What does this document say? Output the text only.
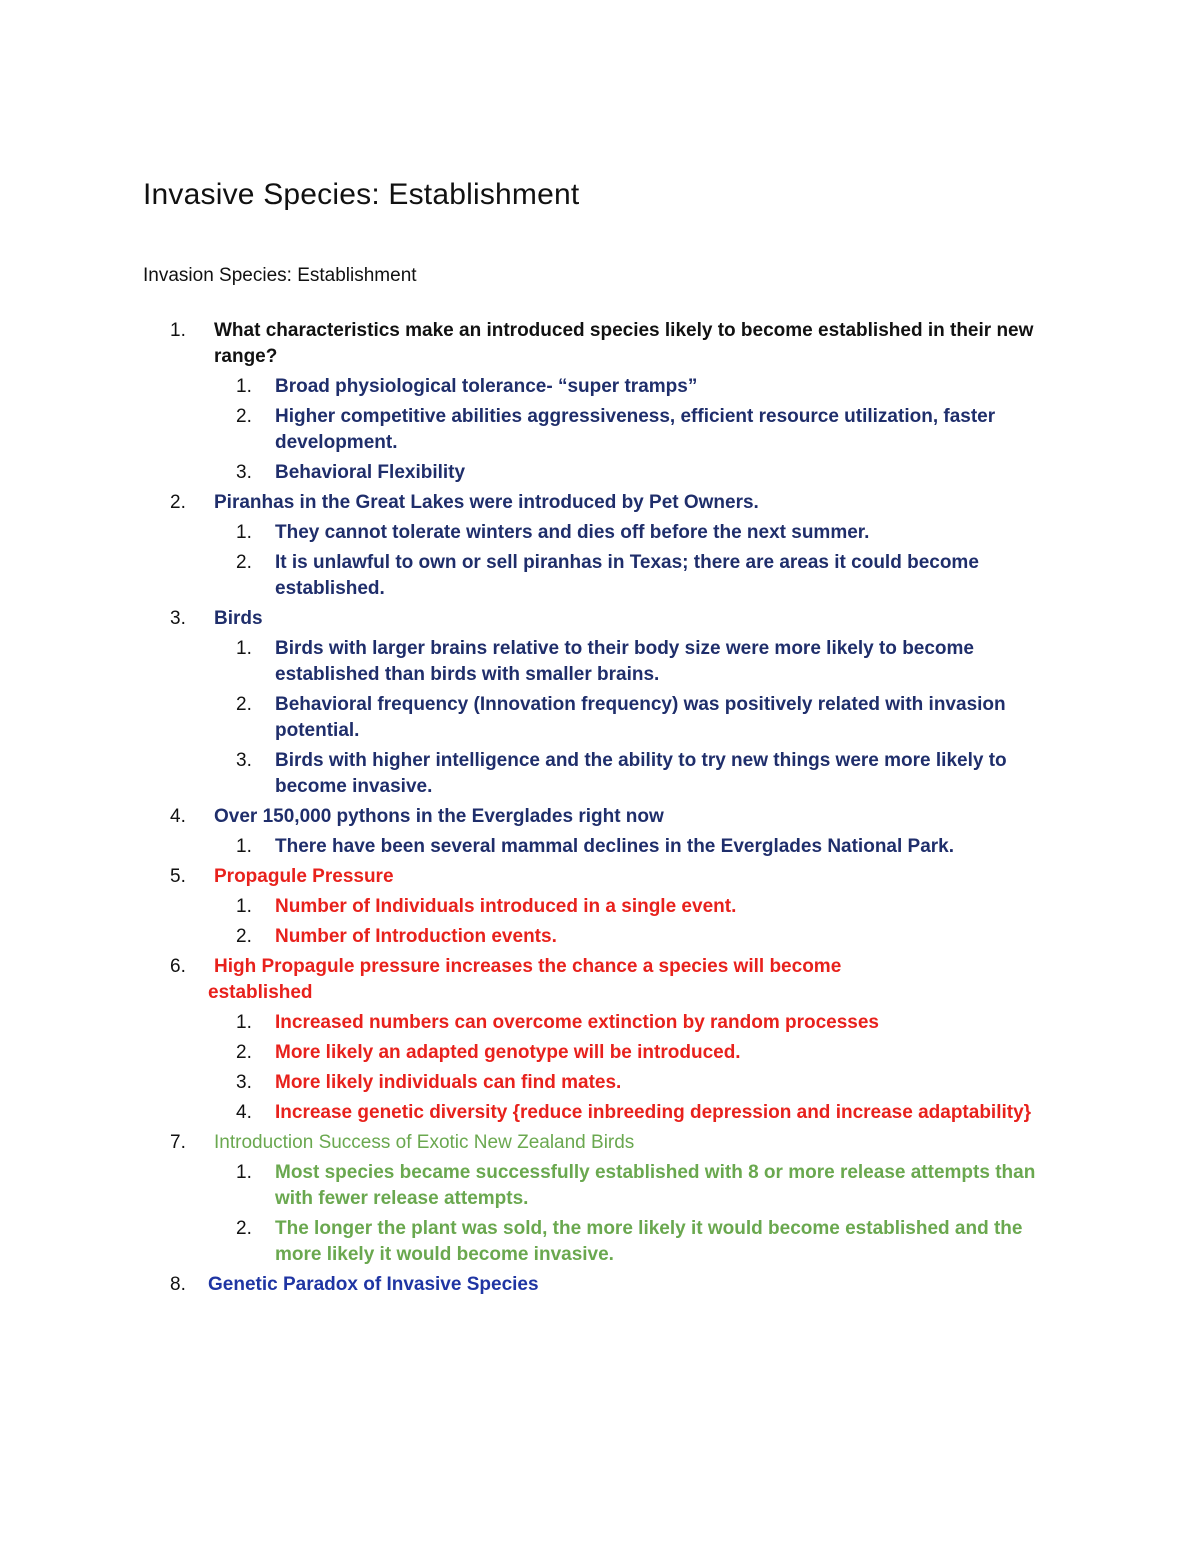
Invasive Species: Establishment
Invasion Species: Establishment
1.	What characteristics make an introduced species likely to become established in their new range?
1. Broad physiological tolerance- “super tramps”
2. Higher competitive abilities aggressiveness, efficient resource utilization, faster development.
3. Behavioral Flexibility
2.	Piranhas in the Great Lakes were introduced by Pet Owners.
1. They cannot tolerate winters and dies off before the next summer.
2. It is unlawful to own or sell piranhas in Texas; there are areas it could become established.
3.	Birds
1. Birds with larger brains relative to their body size were more likely to become established than birds with smaller brains.
2. Behavioral frequency (Innovation frequency) was positively related with invasion potential.
3. Birds with higher intelligence and the ability to try new things were more likely to become invasive.
4.	Over 150,000 pythons in the Everglades right now
1. There have been several mammal declines in the Everglades National Park.
5.	Propagule Pressure
1. Number of Individuals introduced in a single event.
2. Number of Introduction events.
6.	High Propagule pressure increases the chance a species will become
established
1. Increased numbers can overcome extinction by random processes
2. More likely an adapted genotype will be introduced.
3. More likely individuals can find mates.
4. Increase genetic diversity {reduce inbreeding depression and increase adaptability}
7.	Introduction Success of Exotic New Zealand Birds
1. Most species became successfully established with 8 or more release attempts than with fewer release attempts.
2. The longer the plant was sold, the more likely it would become established and the more likely it would become invasive.
8.	Genetic Paradox of Invasive Species
